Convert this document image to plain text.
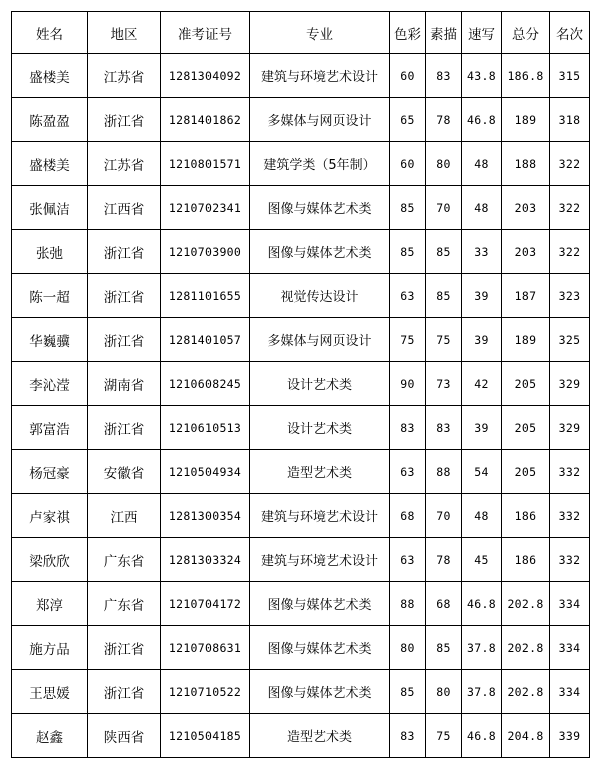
姓名	地区	准考证号	专业	色彩	素描	速写	总分	名次
盛楼美	江苏省	1281304092	建筑与环境艺术设计	60	83	43.8	186.8	315
陈盈盈	浙江省	1281401862	多媒体与网页设计	65	78	46.8	189	318
盛楼美	江苏省	1210801571	建筑学类（5年制）	60	80	48	188	322
张佩洁	江西省	1210702341	图像与媒体艺术类	85	70	48	203	322
张弛	浙江省	1210703900	图像与媒体艺术类	85	85	33	203	322
陈一超	浙江省	1281101655	视觉传达设计	63	85	39	187	323
华巍骥	浙江省	1281401057	多媒体与网页设计	75	75	39	189	325
李沁滢	湖南省	1210608245	设计艺术类	90	73	42	205	329
郭富浩	浙江省	1210610513	设计艺术类	83	83	39	205	329
杨冠豪	安徽省	1210504934	造型艺术类	63	88	54	205	332
卢家祺	江西	1281300354	建筑与环境艺术设计	68	70	48	186	332
梁欣欣	广东省	1281303324	建筑与环境艺术设计	63	78	45	186	332
郑淳	广东省	1210704172	图像与媒体艺术类	88	68	46.8	202.8	334
施方品	浙江省	1210708631	图像与媒体艺术类	80	85	37.8	202.8	334
王思媛	浙江省	1210710522	图像与媒体艺术类	85	80	37.8	202.8	334
赵鑫	陕西省	1210504185	造型艺术类	83	75	46.8	204.8	339
